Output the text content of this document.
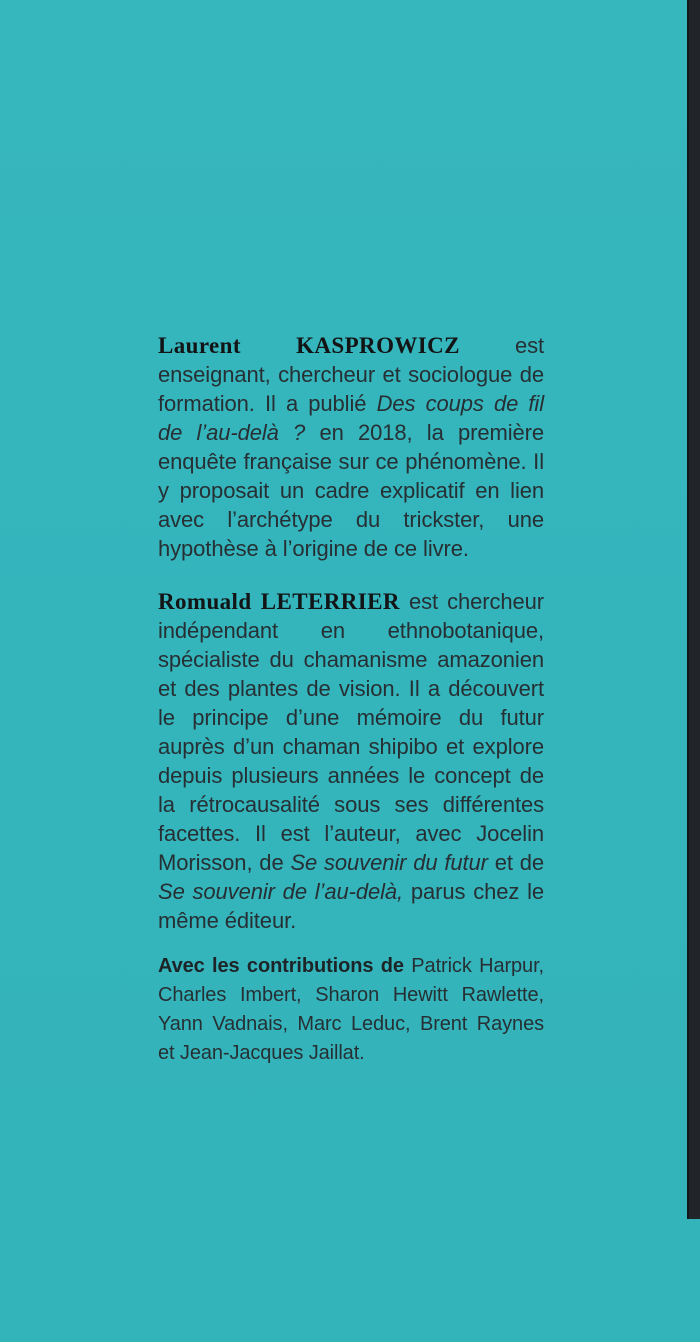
Laurent KASPROWICZ est enseignant, chercheur et sociologue de formation. Il a publié Des coups de fil de l’au-delà ? en 2018, la première enquête française sur ce phénomène. Il y proposait un cadre explicatif en lien avec l’archétype du trickster, une hypothèse à l’origine de ce livre.

Romuald LETERRIER est chercheur indépendant en ethnobotanique, spécialiste du chamanisme amazonien et des plantes de vision. Il a découvert le principe d’une mémoire du futur auprès d’un chaman shipibo et explore depuis plusieurs années le concept de la rétrocausalité sous ses différentes facettes. Il est l’auteur, avec Jocelin Morisson, de Se souvenir du futur et de Se souvenir de l’au-delà, parus chez le même éditeur.

Avec les contributions de Patrick Harpur, Charles Imbert, Sharon Hewitt Rawlette, Yann Vadnais, Marc Leduc, Brent Raynes et Jean-Jacques Jaillat.
